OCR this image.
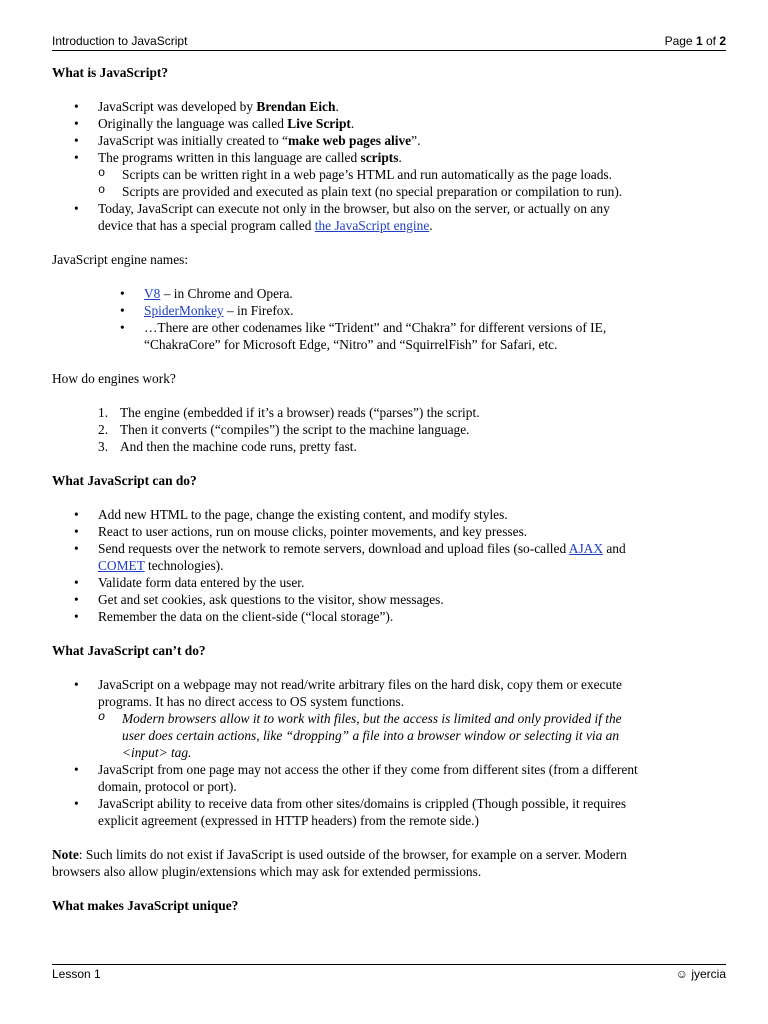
Introduction to JavaScript	Page 1 of 2
What is JavaScript?
• JavaScript was developed by Brendan Eich.
• Originally the language was called Live Script.
• JavaScript was initially created to “make web pages alive”.
• The programs written in this language are called scripts.
o Scripts can be written right in a web page’s HTML and run automatically as the page loads.
o Scripts are provided and executed as plain text (no special preparation or compilation to run).
• Today, JavaScript can execute not only in the browser, but also on the server, or actually on any
device that has a special program called the JavaScript engine.

JavaScript engine names:

• V8 – in Chrome and Opera.
• SpiderMonkey – in Firefox.
• …There are other codenames like “Trident” and “Chakra” for different versions of IE,
“ChakraCore” for Microsoft Edge, “Nitro” and “SquirrelFish” for Safari, etc.

How do engines work?

1. The engine (embedded if it’s a browser) reads (“parses”) the script.
2. Then it converts (“compiles”) the script to the machine language.
3. And then the machine code runs, pretty fast.
What JavaScript can do?
• Add new HTML to the page, change the existing content, and modify styles.
• React to user actions, run on mouse clicks, pointer movements, and key presses.
• Send requests over the network to remote servers, download and upload files (so-called AJAX and
COMET technologies).
• Validate form data entered by the user.
• Get and set cookies, ask questions to the visitor, show messages.
• Remember the data on the client-side (“local storage”).
What JavaScript can’t do?
• JavaScript on a webpage may not read/write arbitrary files on the hard disk, copy them or execute
programs. It has no direct access to OS system functions.
o Modern browsers allow it to work with files, but the access is limited and only provided if the
user does certain actions, like “dropping” a file into a browser window or selecting it via an
<input> tag.
• JavaScript from one page may not access the other if they come from different sites (from a different
domain, protocol or port).
• JavaScript ability to receive data from other sites/domains is crippled (Though possible, it requires
explicit agreement (expressed in HTTP headers) from the remote side.)

Note: Such limits do not exist if JavaScript is used outside of the browser, for example on a server. Modern
browsers also allow plugin/extensions which may ask for extended permissions.

What makes JavaScript unique?
Lesson 1	☺ jyercia
